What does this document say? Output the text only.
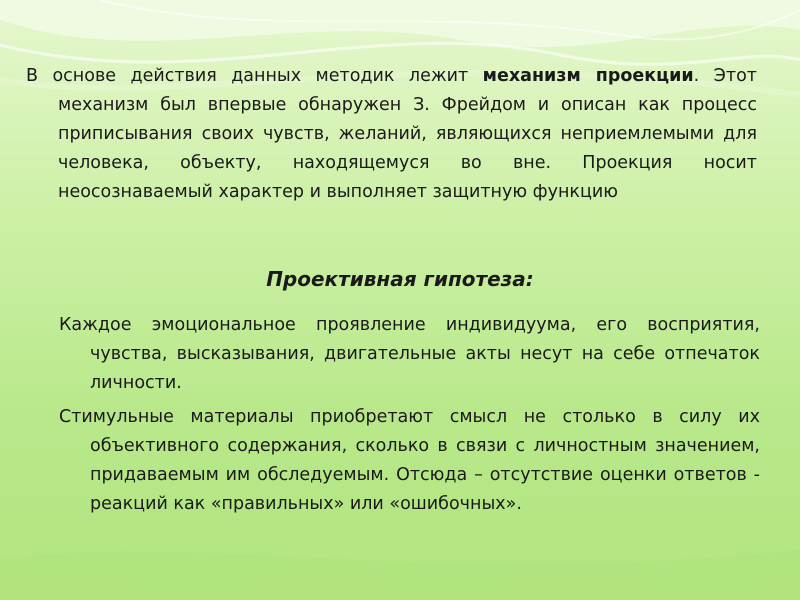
В основе действия данных методик лежит механизм проекции. Этот механизм был впервые обнаружен З. Фрейдом и описан как процесс приписывания своих чувств, желаний, являющихся неприемлемыми для человека, объекту, находящемуся во вне. Проекция носит неосознаваемый характер и выполняет защитную функцию

Проективная гипотеза:

Каждое эмоциональное проявление индивидуума, его восприятия, чувства, высказывания, двигательные акты несут на себе отпечаток личности.

Стимульные материалы приобретают смысл не столько в силу их объективного содержания, сколько в связи с личностным значением, придаваемым им обследуемым. Отсюда – отсутствие оценки ответов - реакций как «правильных» или «ошибочных».
